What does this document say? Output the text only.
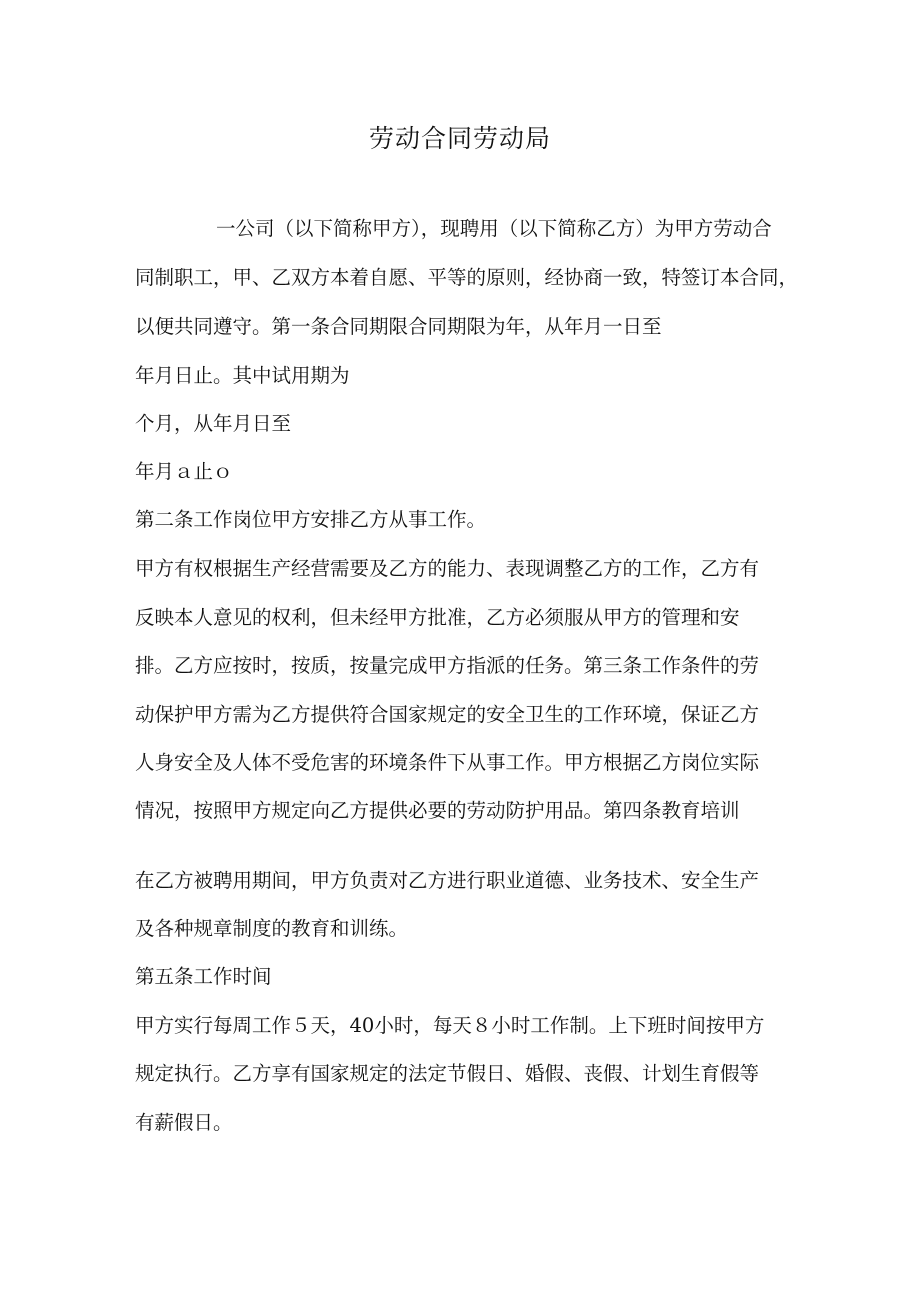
劳动合同劳动局
一公司（以下简称甲方），现聘用（以下简称乙方）为甲方劳动合
同制职工，甲、乙双方本着自愿、平等的原则，经协商一致，特签订本合同，
以便共同遵守。第一条合同期限合同期限为年，从年月一日至
年月日止。其中试用期为
个月，从年月日至
年月ａ止ｏ
第二条工作岗位甲方安排乙方从事工作。
甲方有权根据生产经营需要及乙方的能力、表现调整乙方的工作，乙方有
反映本人意见的权利，但未经甲方批准，乙方必须服从甲方的管理和安
排。乙方应按时，按质，按量完成甲方指派的任务。第三条工作条件的劳
动保护甲方需为乙方提供符合国家规定的安全卫生的工作环境，保证乙方
人身安全及人体不受危害的环境条件下从事工作。甲方根据乙方岗位实际
情况，按照甲方规定向乙方提供必要的劳动防护用品。第四条教育培训
在乙方被聘用期间，甲方负责对乙方进行职业道德、业务技术、安全生产
及各种规章制度的教育和训练。
第五条工作时间
甲方实行每周工作５天，40小时，每天８小时工作制。上下班时间按甲方
规定执行。乙方享有国家规定的法定节假日、婚假、丧假、计划生育假等
有薪假日。
